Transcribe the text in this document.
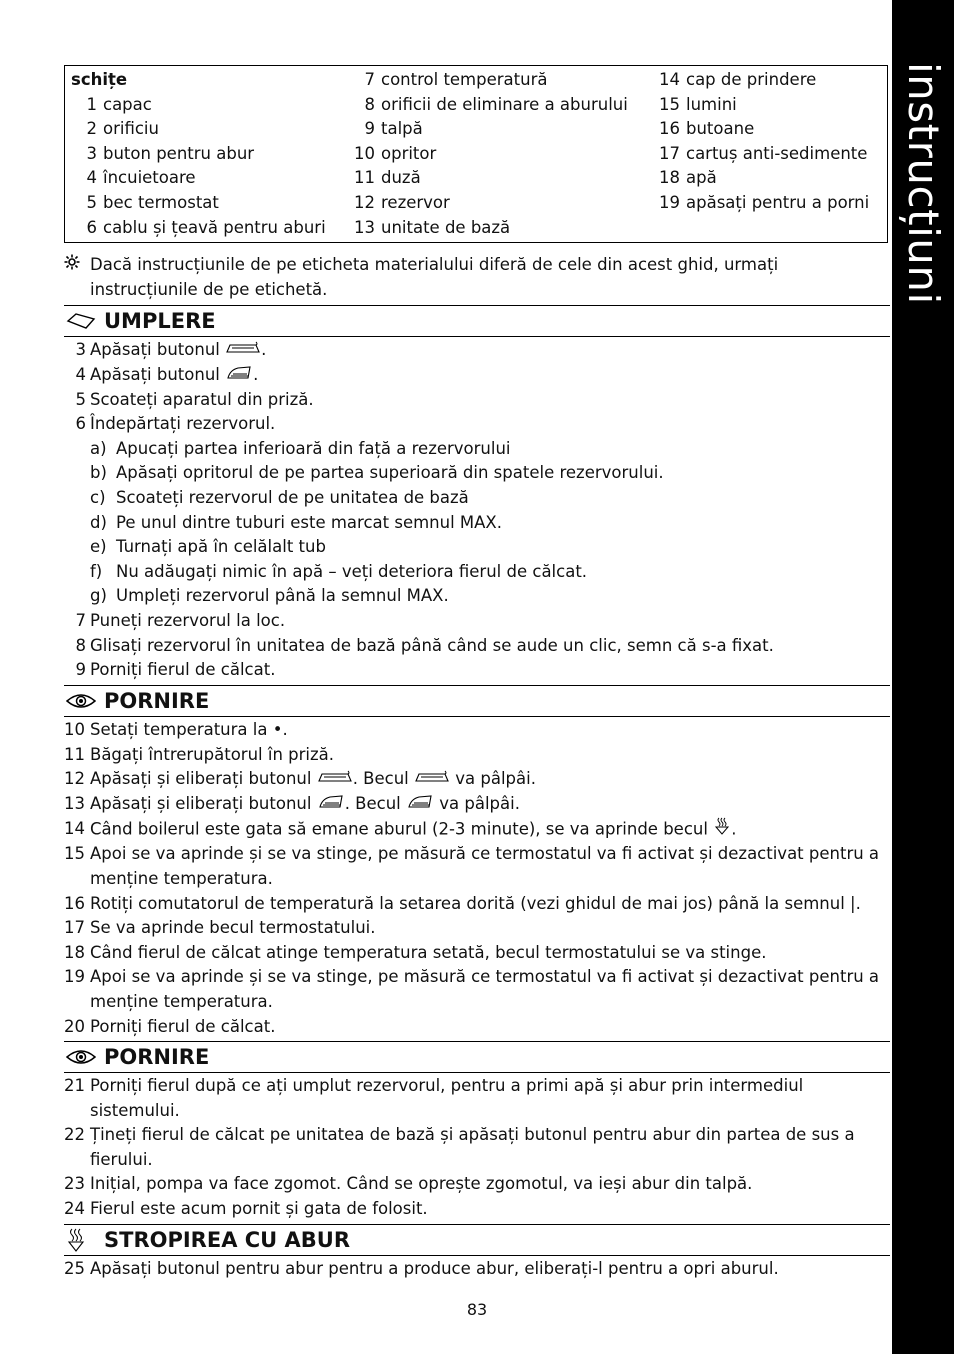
instrucțiuni
schițe
1 capac
2 orificiu
3 buton pentru abur
4 încuietoare
5 bec termostat
6 cablu și țeavă pentru aburi
7 control temperatură
8 orificii de eliminare a aburului
9 talpă
10 opritor
11 duză
12 rezervor
13 unitate de bază
14 cap de prindere
15 lumini
16 butoane
17 cartuș anti-sedimente
18 apă
19 apăsați pentru a porni
Dacă instrucțiunile de pe eticheta materialului diferă de cele din acest ghid, urmați instrucțiunile de pe etichetă.
UMPLERE
3 Apăsați butonul .
4 Apăsați butonul .
5 Scoateți aparatul din priză.
6 Îndepărtați rezervorul.
a) Apucați partea inferioară din față a rezervorului
b) Apăsați opritorul de pe partea superioară din spatele rezervorului.
c) Scoateți rezervorul de pe unitatea de bază
d) Pe unul dintre tuburi este marcat semnul MAX.
e) Turnați apă în celălalt tub
f) Nu adăugați nimic în apă – veți deteriora fierul de călcat.
g) Umpleți rezervorul până la semnul MAX.
7 Puneți rezervorul la loc.
8 Glisați rezervorul în unitatea de bază până când se aude un clic, semn că s-a fixat.
9 Porniți fierul de călcat.
PORNIRE
10 Setați temperatura la •.
11 Băgați întrerupătorul în priză.
12 Apăsați și eliberați butonul . Becul  va pâlpâi.
13 Apăsați și eliberați butonul . Becul  va pâlpâi.
14 Când boilerul este gata să emane aburul (2-3 minute), se va aprinde becul .
15 Apoi se va aprinde și se va stinge, pe măsură ce termostatul va fi activat și dezactivat pentru a menține temperatura.
16 Rotiți comutatorul de temperatură la setarea dorită (vezi ghidul de mai jos) până la semnul |.
17 Se va aprinde becul termostatului.
18 Când fierul de călcat atinge temperatura setată, becul termostatului se va stinge.
19 Apoi se va aprinde și se va stinge, pe măsură ce termostatul va fi activat și dezactivat pentru a menține temperatura.
20 Porniți fierul de călcat.
PORNIRE
21 Porniți fierul după ce ați umplut rezervorul, pentru a primi apă și abur prin intermediul sistemului.
22 Țineți fierul de călcat pe unitatea de bază și apăsați butonul pentru abur din partea de sus a fierului.
23 Inițial, pompa va face zgomot. Când se oprește zgomotul, va ieși abur din talpă.
24 Fierul este acum pornit și gata de folosit.
STROPIREA CU ABUR
25 Apăsați butonul pentru abur pentru a produce abur, eliberați-l pentru a opri aburul.
83
